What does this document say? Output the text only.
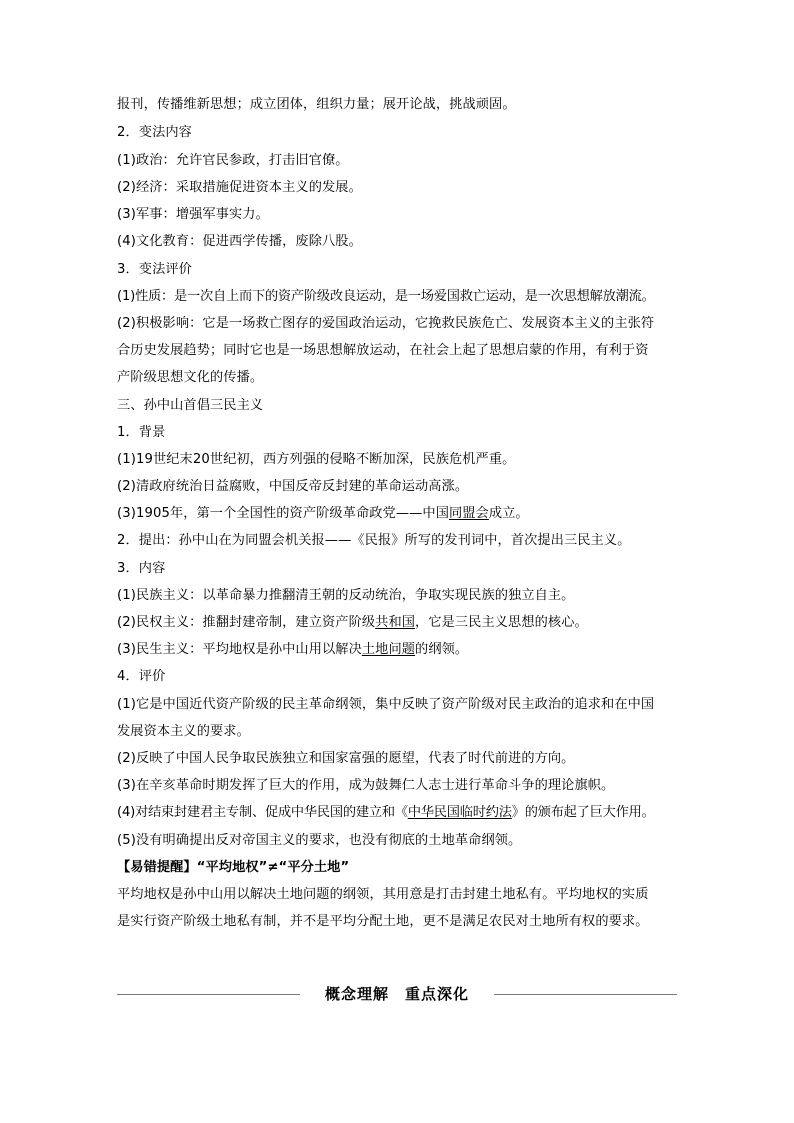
报刊，传播维新思想；成立团体，组织力量；展开论战，挑战顽固。
2．变法内容
(1)政治：允许官民参政，打击旧官僚。
(2)经济：采取措施促进资本主义的发展。
(3)军事：增强军事实力。
(4)文化教育：促进西学传播，废除八股。
3．变法评价
(1)性质：是一次自上而下的资产阶级改良运动，是一场爱国救亡运动，是一次思想解放潮流。
(2)积极影响：它是一场救亡图存的爱国政治运动，它挽救民族危亡、发展资本主义的主张符
合历史发展趋势；同时它也是一场思想解放运动，在社会上起了思想启蒙的作用，有利于资
产阶级思想文化的传播。
三、孙中山首倡三民主义
1．背景
(1)19世纪末20世纪初，西方列强的侵略不断加深，民族危机严重。
(2)清政府统治日益腐败，中国反帝反封建的革命运动高涨。
(3)1905年，第一个全国性的资产阶级革命政党——中国同盟会成立。
2．提出：孙中山在为同盟会机关报——《民报》所写的发刊词中，首次提出三民主义。
3．内容
(1)民族主义：以革命暴力推翻清王朝的反动统治，争取实现民族的独立自主。
(2)民权主义：推翻封建帝制，建立资产阶级共和国，它是三民主义思想的核心。
(3)民生主义：平均地权是孙中山用以解决土地问题的纲领。
4．评价
(1)它是中国近代资产阶级的民主革命纲领，集中反映了资产阶级对民主政治的追求和在中国
发展资本主义的要求。
(2)反映了中国人民争取民族独立和国家富强的愿望，代表了时代前进的方向。
(3)在辛亥革命时期发挥了巨大的作用，成为鼓舞仁人志士进行革命斗争的理论旗帜。
(4)对结束封建君主专制、促成中华民国的建立和《中华民国临时约法》的颁布起了巨大作用。
(5)没有明确提出反对帝国主义的要求，也没有彻底的土地革命纲领。
【易错提醒】“平均地权”≠“平分土地”
平均地权是孙中山用以解决土地问题的纲领，其用意是打击封建土地私有。平均地权的实质
是实行资产阶级土地私有制，并不是平均分配土地，更不是满足农民对土地所有权的要求。
概念理解　重点深化
